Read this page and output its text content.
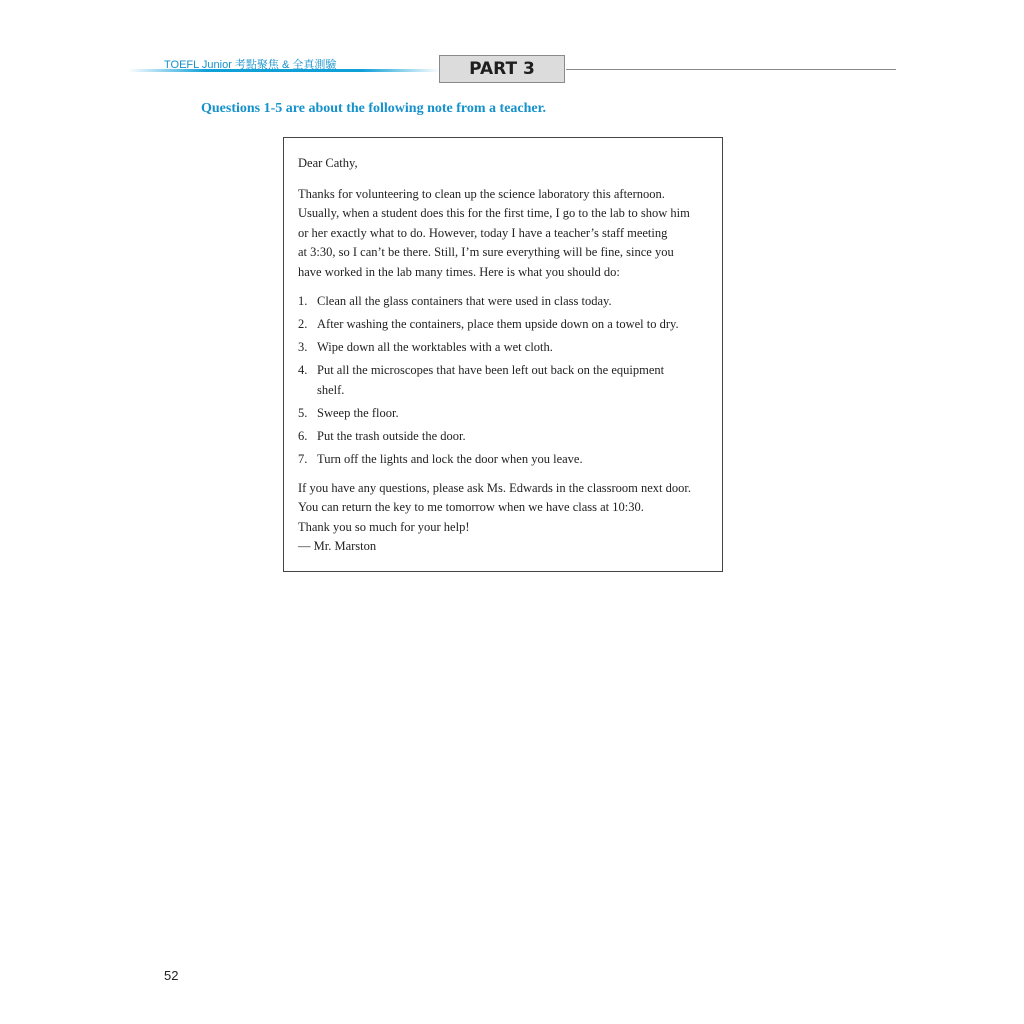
TOEFL Junior 考點聚焦 & 全真測驗	PART 3
Questions 1-5 are about the following note from a teacher.

Dear Cathy,

Thanks for volunteering to clean up the science laboratory this afternoon.
Usually, when a student does this for the first time, I go to the lab to show him
or her exactly what to do. However, today I have a teacher’s staff meeting
at 3:30, so I can’t be there. Still, I’m sure everything will be fine, since you
have worked in the lab many times. Here is what you should do:
1. Clean all the glass containers that were used in class today.
2. After washing the containers, place them upside down on a towel to dry.
3. Wipe down all the worktables with a wet cloth.
4. Put all the microscopes that have been left out back on the equipment
shelf.
5. Sweep the floor.
6. Put the trash outside the door.
7. Turn off the lights and lock the door when you leave.
If you have any questions, please ask Ms. Edwards in the classroom next door.
You can return the key to me tomorrow when we have class at 10:30.
Thank you so much for your help!
— Mr. Marston
52
